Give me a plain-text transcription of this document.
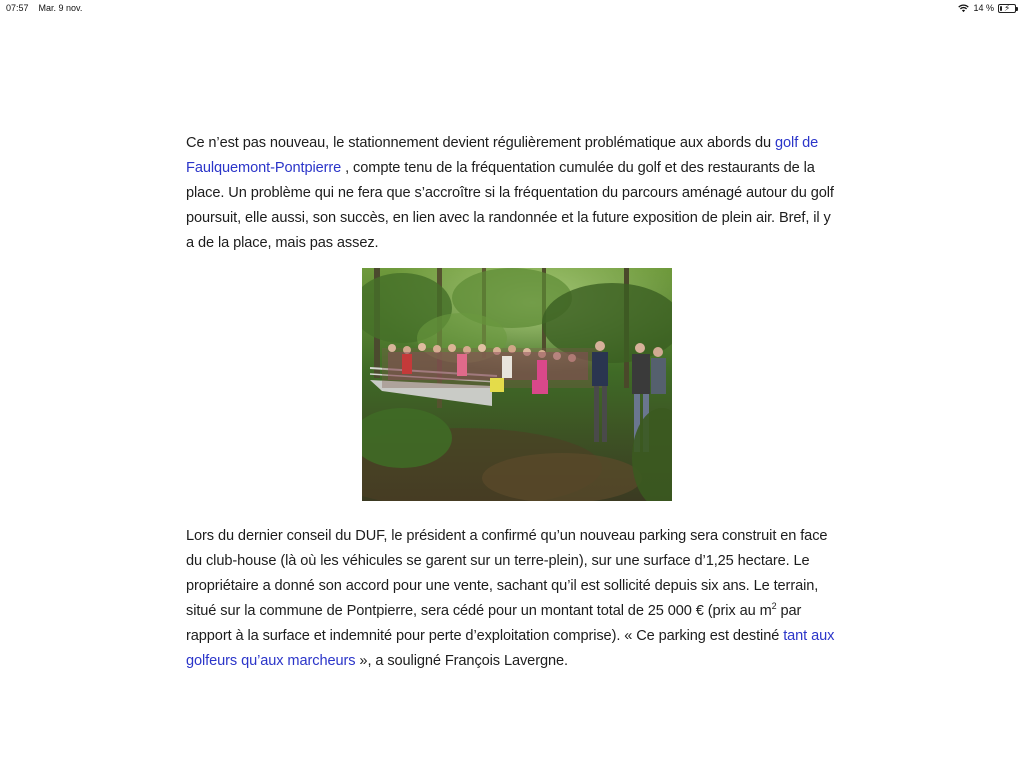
07:57 Mar. 9 nov.	14 % ⚡︎

Ce n’est pas nouveau, le stationnement devient régulièrement problématique aux abords du golf de Faulquemont-Pontpierre , compte tenu de la fréquentation cumulée du golf et des restaurants de la place. Un problème qui ne fera que s’accroître si la fréquentation du parcours aménagé autour du golf poursuit, elle aussi, son succès, en lien avec la randonnée et la future exposition de plein air. Bref, il y a de la place, mais pas assez.

Lors du dernier conseil du DUF, le président a confirmé qu’un nouveau parking sera construit en face du club-house (là où les véhicules se garent sur un terre-plein), sur une surface d’1,25 hectare. Le propriétaire a donné son accord pour une vente, sachant qu’il est sollicité depuis six ans. Le terrain, situé sur la commune de Pontpierre, sera cédé pour un montant total de 25 000 € (prix au $m^2$ par rapport à la surface et indemnité pour perte d’exploitation comprise). « Ce parking est destiné tant aux golfeurs qu’aux marcheurs », a souligné François Lavergne.
